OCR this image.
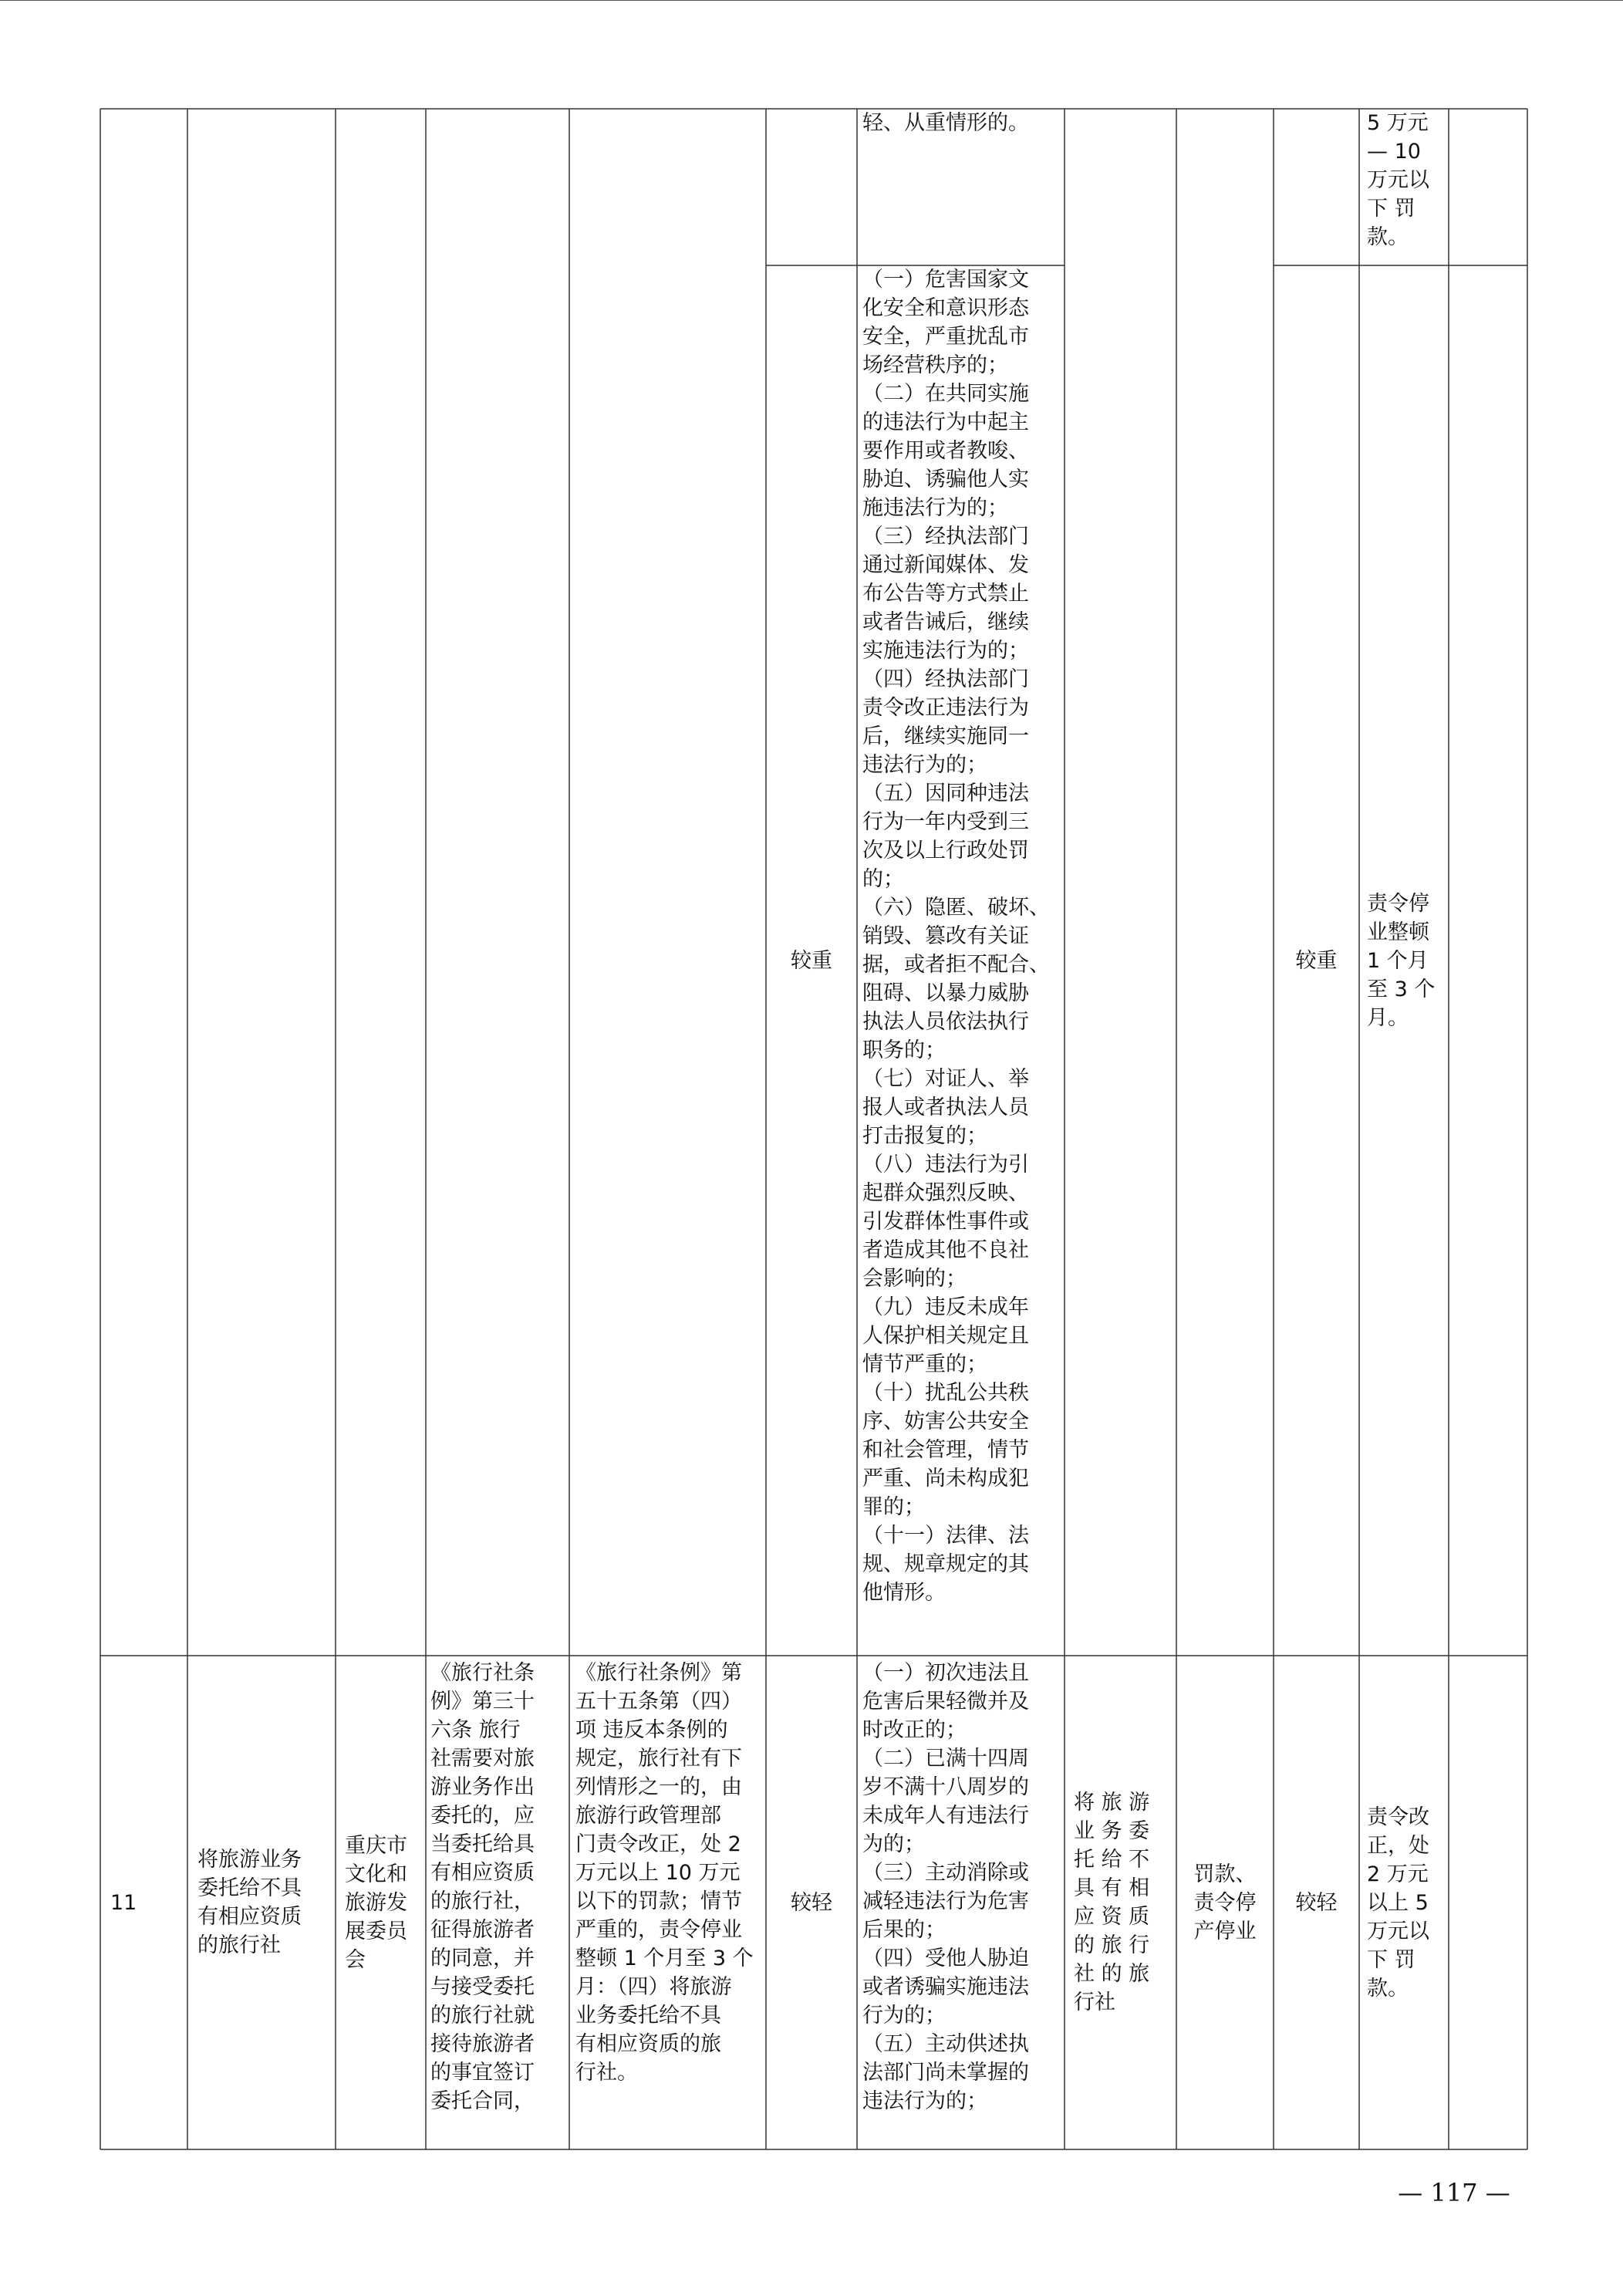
轻、从重情形的。	5 万元
— 10
万元以
下 罚
款。
较重
（一）危害国家文
化安全和意识形态
安全，严重扰乱市
场经营秩序的；
（二）在共同实施
的违法行为中起主
要作用或者教唆、
胁迫、诱骗他人实
施违法行为的；
（三）经执法部门
通过新闻媒体、发
布公告等方式禁止
或者告诫后，继续
实施违法行为的；
（四）经执法部门
责令改正违法行为
后，继续实施同一
违法行为的；
（五）因同种违法
行为一年内受到三
次及以上行政处罚
的；
（六）隐匿、破坏、
销毁、篡改有关证
据，或者拒不配合、
阻碍、以暴力威胁
执法人员依法执行
职务的；
（七）对证人、举
报人或者执法人员
打击报复的；
（八）违法行为引
起群众强烈反映、
引发群体性事件或
者造成其他不良社
会影响的；
（九）违反未成年
人保护相关规定且
情节严重的；
（十）扰乱公共秩
序、妨害公共安全
和社会管理，情节
严重、尚未构成犯
罪的；
（十一）法律、法
规、规章规定的其
他情形。
较重
责令停
业整顿
1 个月
至 3 个
月。
11
将旅游业务
委托给不具
有相应资质
的旅行社
重庆市
文化和
旅游发
展委员
会
《旅行社条
例》第三十
六条 旅行
社需要对旅
游业务作出
委托的，应
当委托给具
有相应资质
的旅行社，
征得旅游者
的同意，并
与接受委托
的旅行社就
接待旅游者
的事宜签订
委托合同，
《旅行社条例》第
五十五条第（四）
项 违反本条例的
规定，旅行社有下
列情形之一的，由
旅游行政管理部
门责令改正，处 2
万元以上 10 万元
以下的罚款；情节
严重的，责令停业
整顿 1 个月至 3 个
月：（四）将旅游
业务委托给不具
有相应资质的旅
行社。
较轻
（一）初次违法且
危害后果轻微并及
时改正的；
（二）已满十四周
岁不满十八周岁的
未成年人有违法行
为的；
（三）主动消除或
减轻违法行为危害
后果的；
（四）受他人胁迫
或者诱骗实施违法
行为的；
（五）主动供述执
法部门尚未掌握的
违法行为的；
将 旅 游
业 务 委
托 给 不
具 有 相
应 资 质
的 旅 行
社 的 旅
行社
罚款、
责令停
产停业
较轻
责令改
正，处
2 万元
以上 5
万元以
下 罚
款。
— 117 —
